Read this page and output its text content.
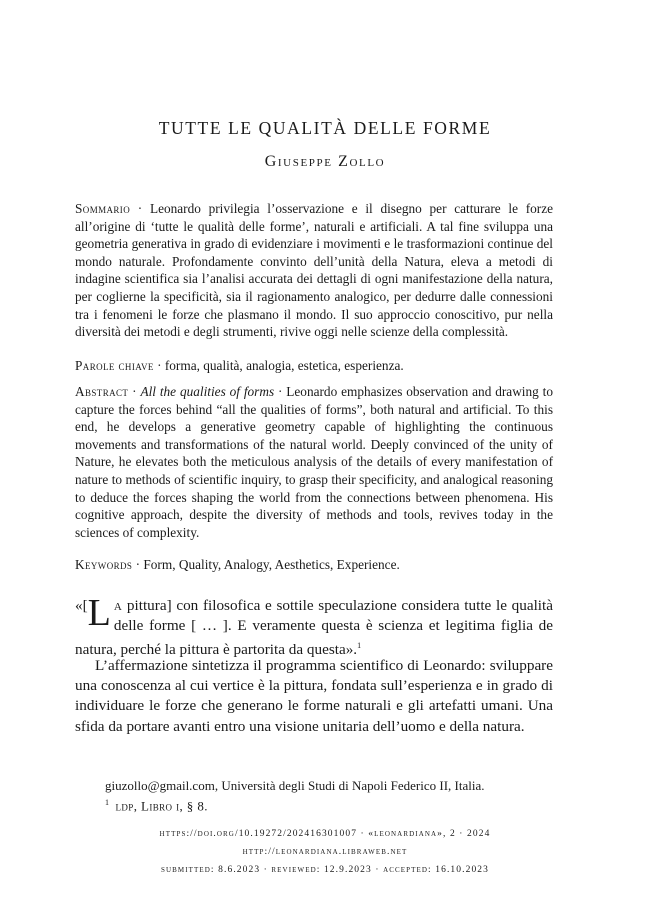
TUTTE LE QUALITÀ DELLE FORME
Giuseppe Zollo

Sommario · Leonardo privilegia l’osservazione e il disegno per catturare le forze all’origine di ‘tutte le qualità delle forme’, naturali e artificiali. A tal fine sviluppa una geometria generativa in grado di evidenziare i movimenti e le trasformazioni continue del mondo naturale. Profondamente convinto dell’unità della Natura, eleva a metodi di indagine scientifica sia l’analisi accurata dei dettagli di ogni manifestazione della natura, per coglierne la specificità, sia il ragionamento analogico, per dedurre dalle connessioni tra i fenomeni le forze che plasmano il mondo. Il suo approccio conoscitivo, pur nella diversità dei metodi e degli strumenti, rivive oggi nelle scienze della complessità.

Parole chiave · forma, qualità, analogia, estetica, esperienza.

Abstract · All the qualities of forms · Leonardo emphasizes observation and drawing to capture the forces behind “all the qualities of forms”, both natural and artificial. To this end, he develops a generative geometry capable of highlighting the continuous movements and transformations of the natural world. Deeply convinced of the unity of Nature, he elevates both the meticulous analysis of the details of every manifestation of nature to methods of scientific inquiry, to grasp their specificity, and analogical reasoning to deduce the forces shaping the world from the connections between phenomena. His cognitive approach, despite the diversity of methods and tools, revives today in the sciences of complexity.

Keywords · Form, Quality, Analogy, Aesthetics, Experience.

«[ L a pittura] con filosofica e sottile speculazione considera tutte le qualità delle forme [ … ]. E veramente questa è scienza et legitima figlia de natura, perché la pittura è partorita da questa».$^1$

L’affermazione sintetizza il programma scientifico di Leonardo: sviluppare una conoscenza al cui vertice è la pittura, fondata sull’esperienza e in grado di individuare le forze che generano le forme naturali e gli artefatti umani. Una sfida da portare avanti entro una visione unitaria dell’uomo e della natura.

giuzollo@gmail.com, Università degli Studi di Napoli Federico II, Italia.

$^1$ ldp, Libro i, § 8.

https://doi.org/10.19272/202416301007 · «leonardiana», 2 · 2024
http://leonardiana.libraweb.net
submitted: 8.6.2023 · reviewed: 12.9.2023 · accepted: 16.10.2023
